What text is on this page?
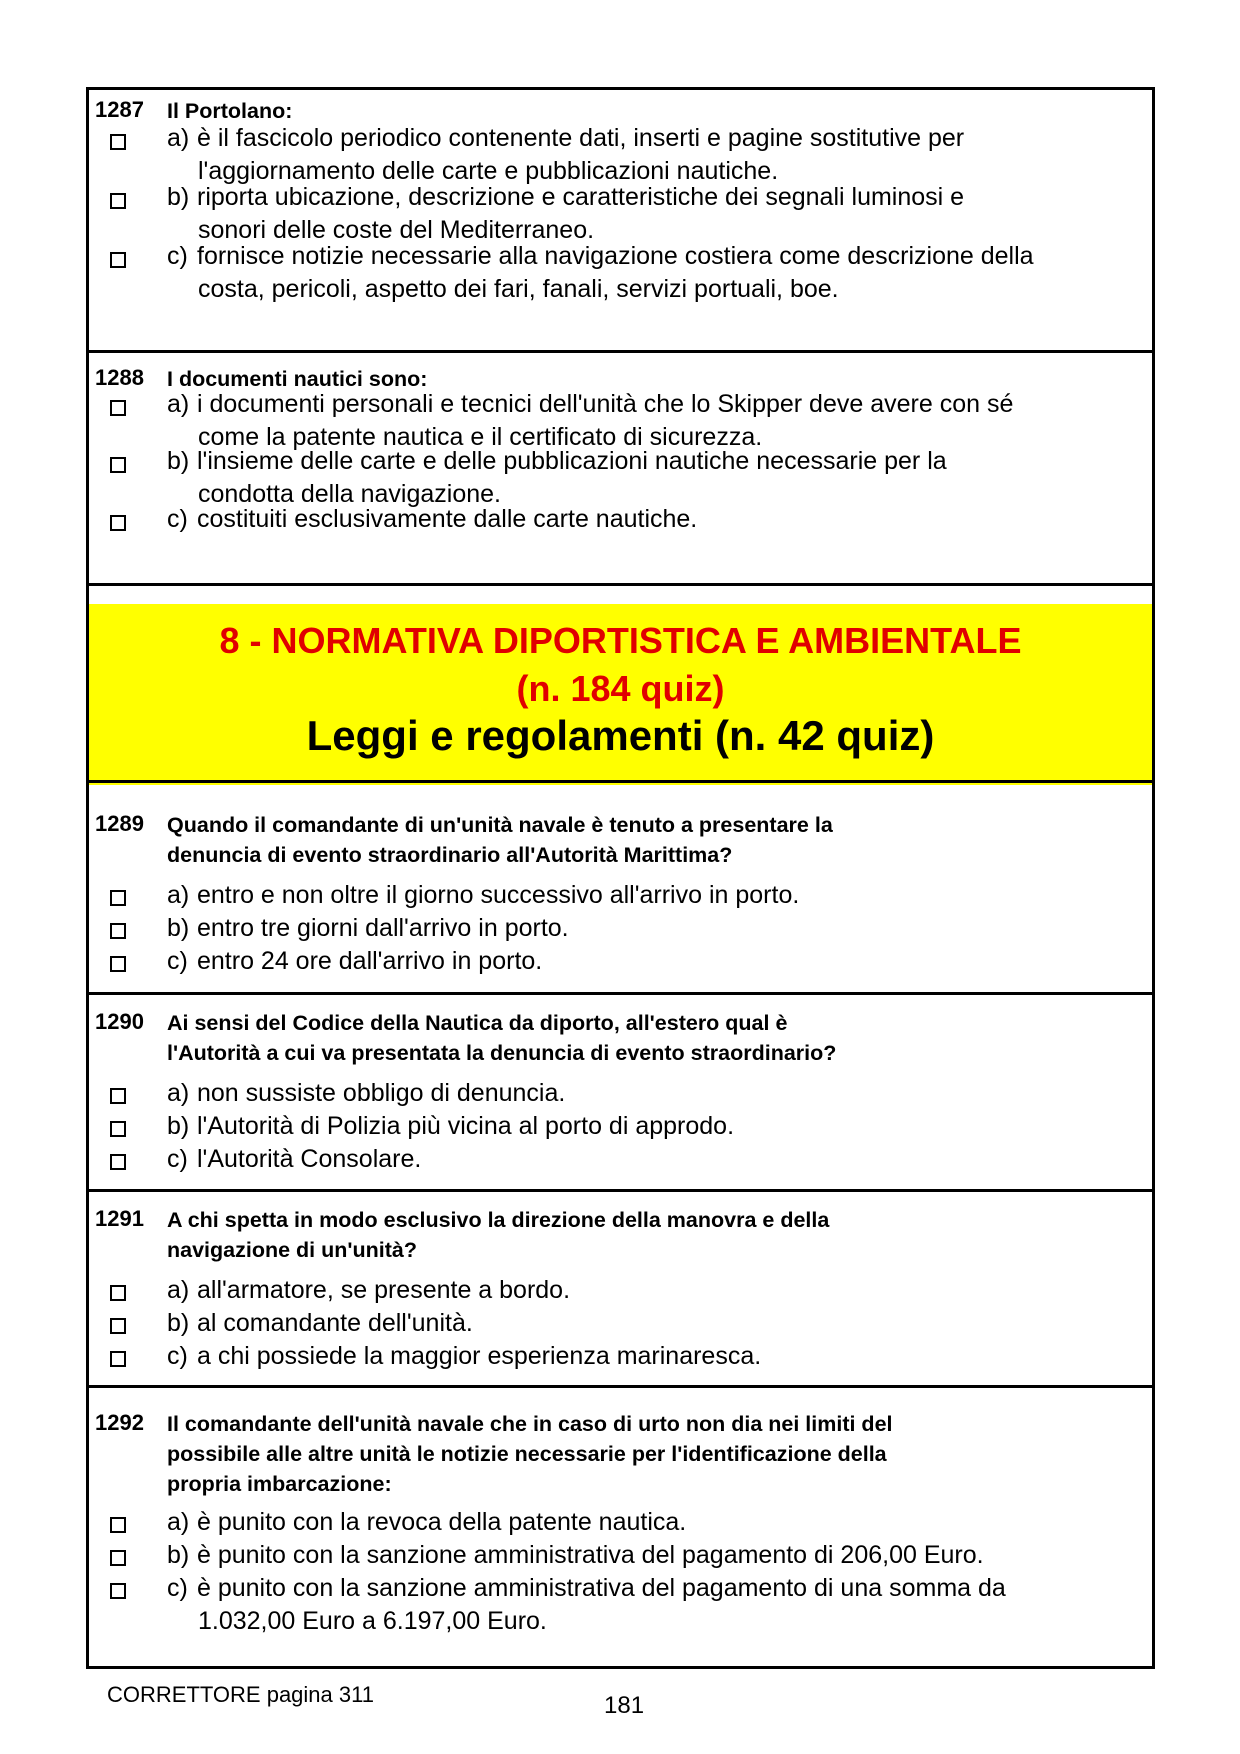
1287 Il Portolano:
a) è il fascicolo periodico contenente dati, inserti e pagine sostitutive per
l'aggiornamento delle carte e pubblicazioni nautiche.
b) riporta ubicazione, descrizione e caratteristiche dei segnali luminosi e
sonori delle coste del Mediterraneo.
c) fornisce notizie necessarie alla navigazione costiera come descrizione della
costa, pericoli, aspetto dei fari, fanali, servizi portuali, boe.
1288 I documenti nautici sono:
a) i documenti personali e tecnici dell'unità che lo Skipper deve avere con sé
come la patente nautica e il certificato di sicurezza.
b) l'insieme delle carte e delle pubblicazioni nautiche necessarie per la
condotta della navigazione.
c) costituiti esclusivamente dalle carte nautiche.
8 - NORMATIVA DIPORTISTICA E AMBIENTALE
(n. 184 quiz)
Leggi e regolamenti (n. 42 quiz)
1289 Quando il comandante di un'unità navale è tenuto a presentare la
denuncia di evento straordinario all'Autorità Marittima?
a) entro e non oltre il giorno successivo all'arrivo in porto.
b) entro tre giorni dall'arrivo in porto.
c) entro 24 ore dall'arrivo in porto.
1290 Ai sensi del Codice della Nautica da diporto, all'estero qual è
l'Autorità a cui va presentata la denuncia di evento straordinario?
a) non sussiste obbligo di denuncia.
b) l'Autorità di Polizia più vicina al porto di approdo.
c) l'Autorità Consolare.
1291 A chi spetta in modo esclusivo la direzione della manovra e della
navigazione di un'unità?
a) all'armatore, se presente a bordo.
b) al comandante dell'unità.
c) a chi possiede la maggior esperienza marinaresca.
1292 Il comandante dell'unità navale che in caso di urto non dia nei limiti del
possibile alle altre unità le notizie necessarie per l'identificazione della
propria imbarcazione:
a) è punito con la revoca della patente nautica.
b) è punito con la sanzione amministrativa del pagamento di 206,00 Euro.
c) è punito con la sanzione amministrativa del pagamento di una somma da
1.032,00 Euro a 6.197,00 Euro.
CORRETTORE pagina 311	181
